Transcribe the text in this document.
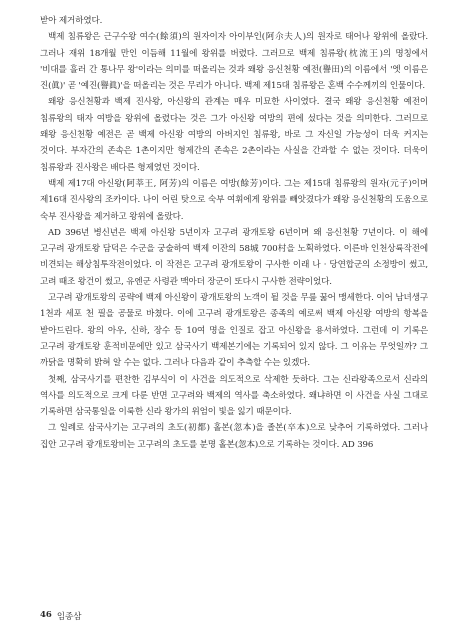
받아 제거하였다.

백제 침류왕은 근구수왕 여수(餘須)의 원자이자 아이부인(阿尒夫人)의 원자로 태어나 왕위에 올랐다. 그러나 재위 18개월 만인 이듬해 11월에 왕위를 버렸다. 그러므로 백제 침류왕(枕流王)의 명칭에서 '비대를 흘러 간 통나무 왕'이라는 의미를 떠올리는 것과 왜왕 응신천황 예전(譽田)의 이름에서 '엣 이름은 진(眞)' 곧 '예진(譽眞)'을 떠올리는 것은 무리가 아니다. 백제 제15대 침류왕은 혼백 수수께끼의 인물이다.

왜왕 응신천황과 백제 진사왕, 아신왕의 관계는 매우 미묘한 사이였다. 결국 왜왕 응신천황 예전이 침류왕의 태자 여방을 왕위에 올렸다는 것은 그가 아신왕 여방의 편에 섰다는 것을 의미한다. 그러므로 왜왕 응신천황 예전은 곧 백제 아신왕 여방의 아버지인 침류왕, 바로 그 자신일 가능성이 더욱 커지는 것이다. 부자간의 존속은 1촌이지만 형제간의 존속은 2촌이라는 사실을 간과할 수 없는 것이다. 더욱이 침류왕과 진사왕은 배다른 형제였던 것이다.

백제 제17대 아신왕(阿莘王, 阿芳)의 이름은 여방(餘芳)이다. 그는 제15대 침류왕의 원자(元子)이며 제16대 진사왕의 조카이다. 나이 어린 탓으로 숙부 여휘에게 왕위를 빼앗겼다가 왜왕 응신천황의 도움으로 숙부 진사왕을 제거하고 왕위에 올랐다.

AD 396년 병신년은 백제 아신왕 5년이자 고구려 광개토왕 6년이며 왜 응신천황 7년이다. 이 해에 고구려 광개토왕 담덕은 수군을 궁술하여 백제 이잔의 58城 700村을 노획하였다. 이른바 인천상륙작전에 비견되는 해상침투작전이었다. 이 작전은 고구려 광개토왕이 구사한 이래 나 · 당연합군의 소정방이 썼고, 고려 때조 왕건이 썼고, 유엔군 사령관 맥아더 장군이 또다시 구사한 전략이었다.

고구려 광개토왕의 공략에 백제 아신왕이 광개토왕의 노객이 될 것을 무릎 꿇어 맹세한다. 이어 남녀생구 1천과 세포 천 필을 공물로 바쳤다. 이에 고구려 광개토왕은 종족의 예로써 백제 아신왕 여방의 항복을 받아드린다. 왕의 아우, 신하, 장수 등 10여 명을 인질로 잡고 아신왕을 용서하였다. 그런데 이 기록은 고구려 광개토왕 훈적비문에만 있고 삼국사기 백제본기에는 기록되어 있지 않다. 그 이유는 무엇일까? 그 까닭을 명확히 밝혀 알 수는 없다. 그러나 다음과 같이 추측할 수는 있겠다.

첫째, 삼국사기를 편찬한 김부식이 이 사건을 의도적으로 삭제한 듯하다. 그는 신라왕족으로서 신라의 역사를 의도적으로 크게 다룬 반면 고구려와 백제의 역사를 축소하였다. 왜냐하면 이 사건을 사실 그대로 기록하면 삼국통일을 이룩한 신라 왕가의 위엄이 빛을 잃기 때문이다.

그 일례로 삼국사기는 고구려의 초도(初都) 홀본(忽本)을 졸본(卒本)으로 낮추어 기록하였다. 그러나 집안 고구려 광개토왕비는 고구려의 초도를 분명 홀본(忽本)으로 기록하는 것이다. AD 396

46 임종삼
